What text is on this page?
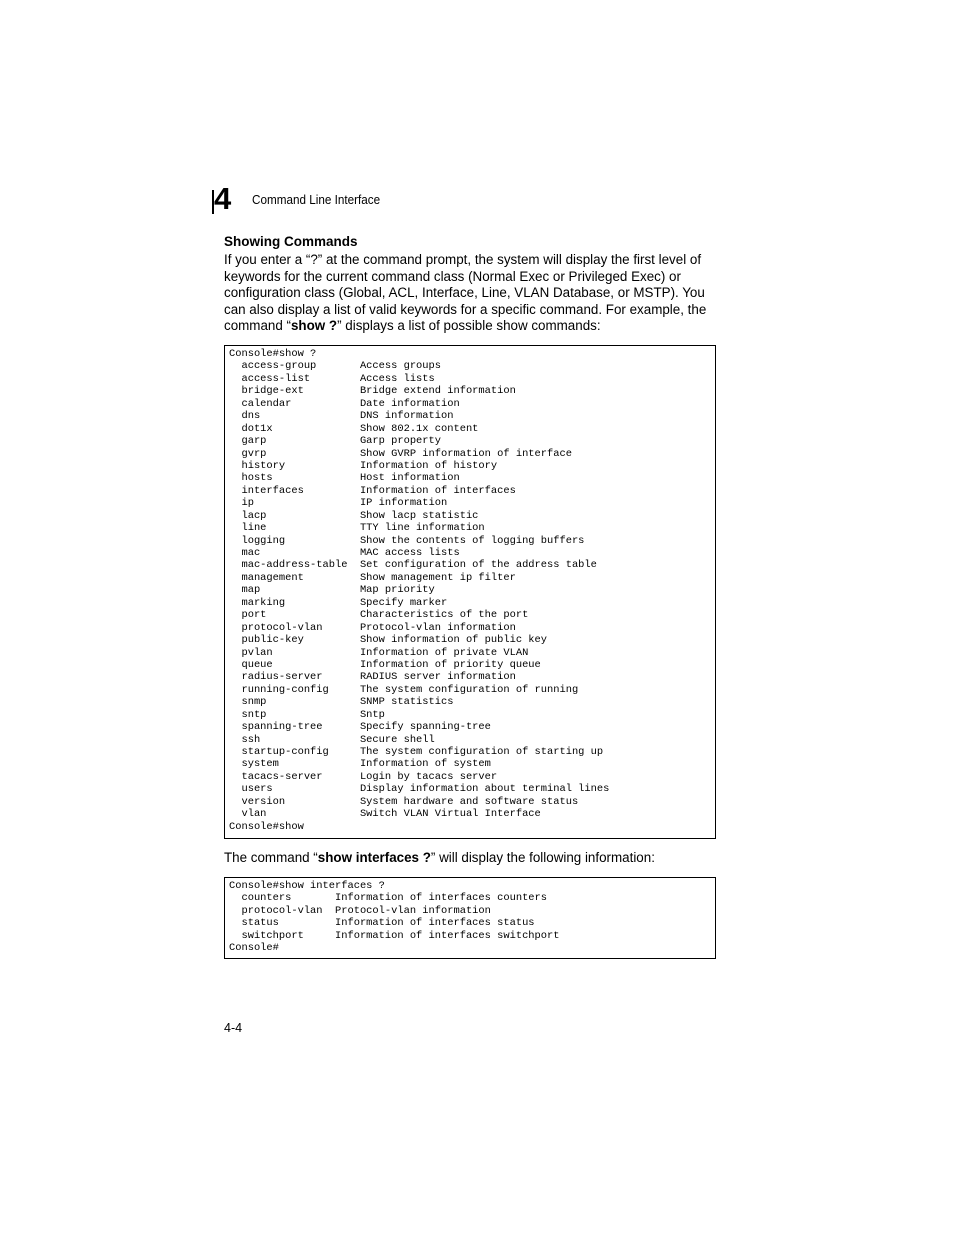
4 Command Line Interface
Showing Commands

If you enter a “?” at the command prompt, the system will display the first level of keywords for the current command class (Normal Exec or Privileged Exec) or configuration class (Global, ACL, Interface, Line, VLAN Database, or MSTP). You can also display a list of valid keywords for a specific command. For example, the command “show ?” displays a list of possible show commands:

Console#show ?
access-group       Access groups
access-list        Access lists
bridge-ext         Bridge extend information
calendar           Date information
dns                DNS information
dot1x              Show 802.1x content
garp               Garp property
gvrp               Show GVRP information of interface
history            Information of history
hosts              Host information
interfaces         Information of interfaces
ip                 IP information
lacp               Show lacp statistic
line               TTY line information
logging            Show the contents of logging buffers
mac                MAC access lists
mac-address-table  Set configuration of the address table
management         Show management ip filter
map                Map priority
marking            Specify marker
port               Characteristics of the port
protocol-vlan      Protocol-vlan information
public-key         Show information of public key
pvlan              Information of private VLAN
queue              Information of priority queue
radius-server      RADIUS server information
running-config     The system configuration of running
snmp               SNMP statistics
sntp               Sntp
spanning-tree      Specify spanning-tree
ssh                Secure shell
startup-config     The system configuration of starting up
system             Information of system
tacacs-server      Login by tacacs server
users              Display information about terminal lines
version            System hardware and software status
vlan               Switch VLAN Virtual Interface
Console#show

The command “show interfaces ?” will display the following information:

Console#show interfaces ?
counters       Information of interfaces counters
protocol-vlan  Protocol-vlan information
status         Information of interfaces status
switchport     Information of interfaces switchport
Console#
4-4
